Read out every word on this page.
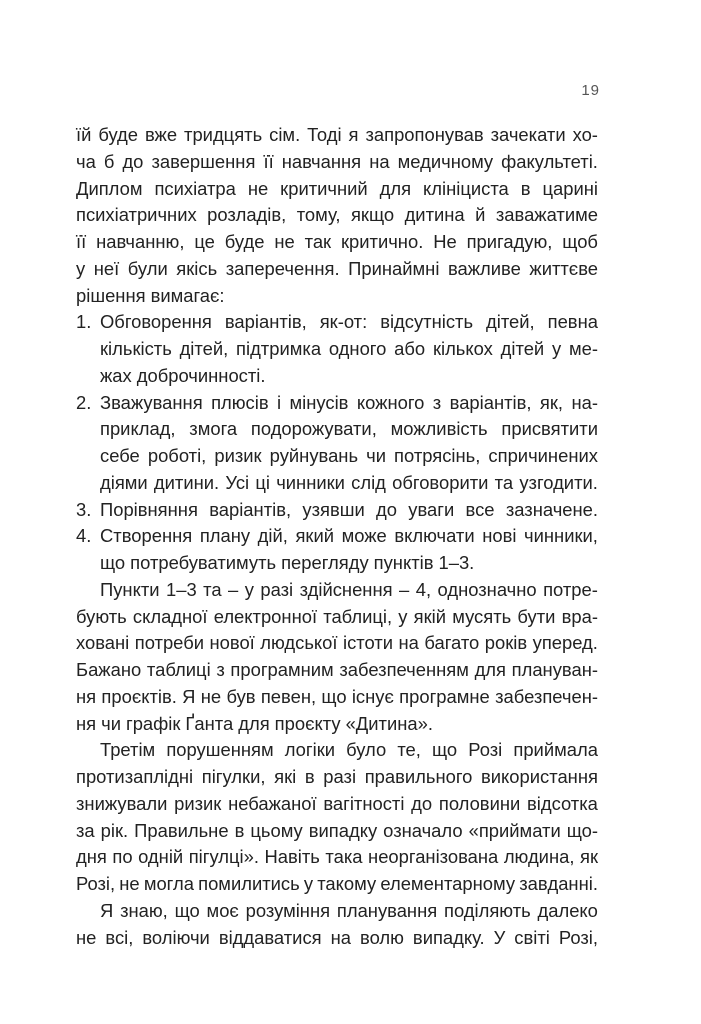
19
їй буде вже тридцять сім. Тоді я запропонував зачекати хо-
ча б до завершення її навчання на медичному факультеті.
Диплом психіатра не критичний для клініциста в царині
психіатричних розладів, тому, якщо дитина й заважатиме
її навчанню, це буде не так критично. Не пригадую, щоб
у неї були якісь заперечення. Принаймні важливе життєве
рішення вимагає:
1. Обговорення варіантів, як-от: відсутність дітей, певна
кількість дітей, підтримка одного або кількох дітей у ме-
жах доброчинності.
2. Зважування плюсів і мінусів кожного з варіантів, як, на-
приклад, змога подорожувати, можливість присвятити
себе роботі, ризик руйнувань чи потрясінь, спричинених
діями дитини. Усі ці чинники слід обговорити та узгодити.
3. Порівняння варіантів, узявши до уваги все зазначене.
4. Створення плану дій, який може включати нові чинники,
що потребуватимуть перегляду пунктів 1–3.
Пункти 1–3 та – у разі здійснення – 4, однозначно потре-
бують складної електронної таблиці, у якій мусять бути вра-
ховані потреби нової людської істоти на багато років уперед.
Бажано таблиці з програмним забезпеченням для плануван-
ня проєктів. Я не був певен, що існує програмне забезпечен-
ня чи графік Ґанта для проєкту «Дитина».
Третім порушенням логіки було те, що Розі приймала
протизаплідні пігулки, які в разі правильного використання
знижували ризик небажаної вагітності до половини відсотка
за рік. Правильне в цьому випадку означало «приймати що-
дня по одній пігулці». Навіть така неорганізована людина, як
Розі, не могла помилитись у такому елементарному завданні.
Я знаю, що моє розуміння планування поділяють далеко
не всі, воліючи віддаватися на волю випадку. У світі Розі,
